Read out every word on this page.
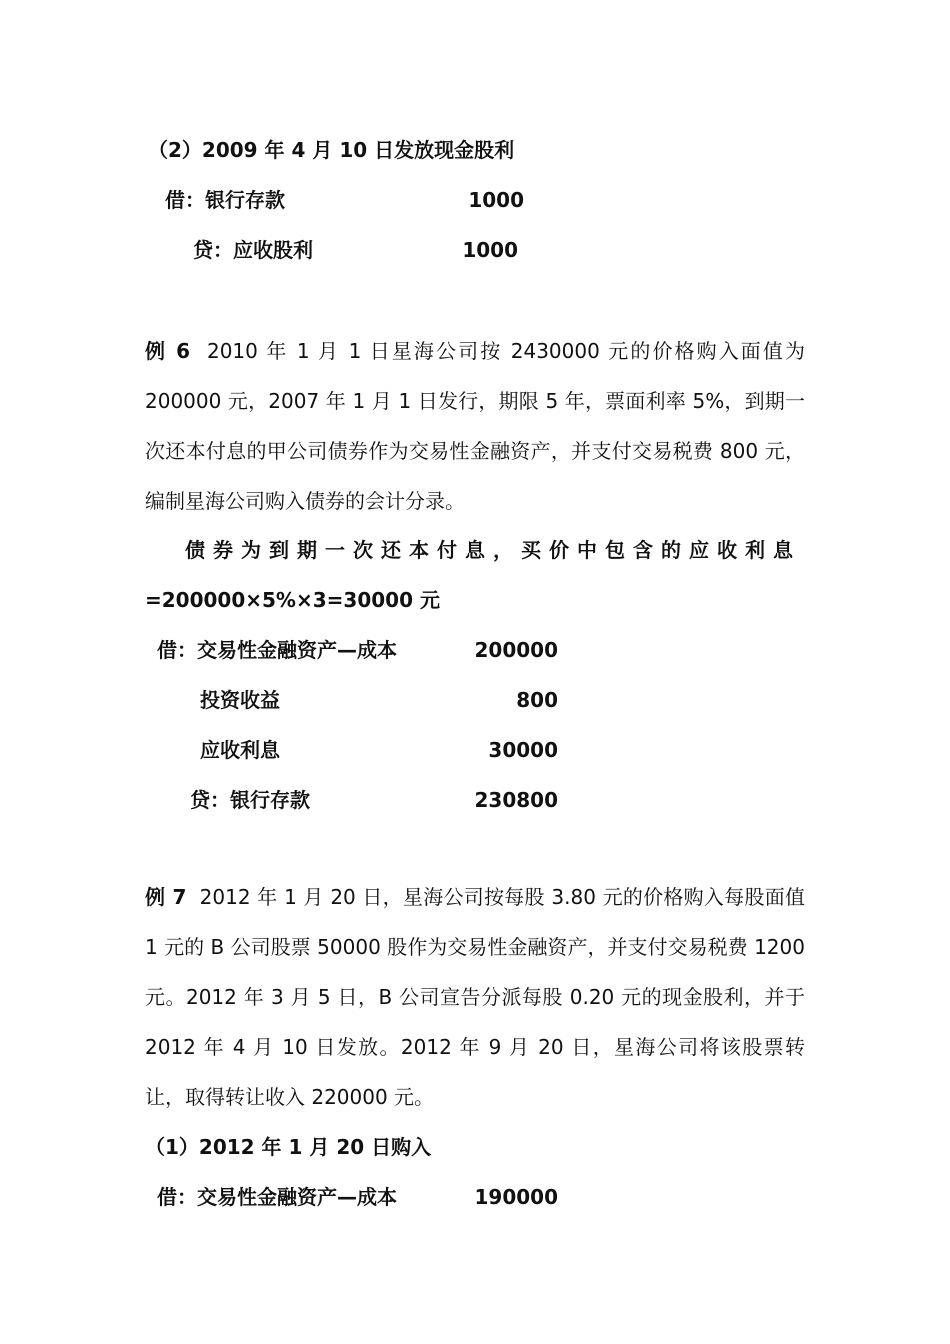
（2）2009 年 4 月 10 日发放现金股利
借：银行存款	1000
贷：应收股利	1000
例 6 2010 年 1 月 1 日星海公司按 2430000 元的价格购入面值为 200000 元，2007 年 1 月 1 日发行，期限 5 年，票面利率 5%，到期一次还本付息的甲公司债券作为交易性金融资产，并支付交易税费 800 元，编制星海公司购入债券的会计分录。
债券为到期一次还本付息，买价中包含的应收利息
=200000×5%×3=30000 元
借：交易性金融资产—成本	200000
投资收益	800
应收利息	30000
贷：银行存款	230800
例 7 2012 年 1 月 20 日，星海公司按每股 3.80 元的价格购入每股面值 1 元的 B 公司股票 50000 股作为交易性金融资产，并支付交易税费 1200 元。2012 年 3 月 5 日，B 公司宣告分派每股 0.20 元的现金股利，并于 2012 年 4 月 10 日发放。2012 年 9 月 20 日，星海公司将该股票转让，取得转让收入 220000 元。
（1）2012 年 1 月 20 日购入
借：交易性金融资产—成本	190000
